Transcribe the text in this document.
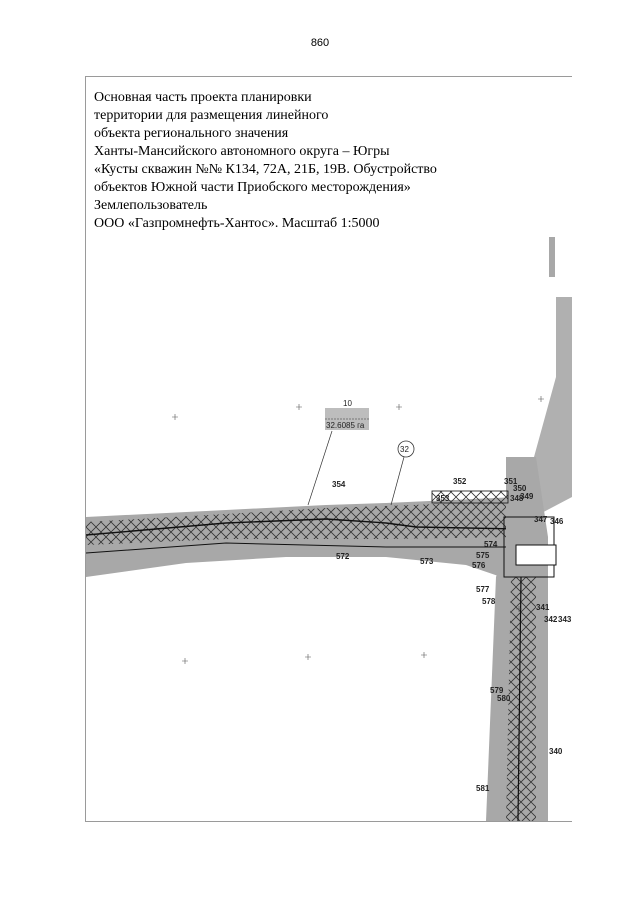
860
10
32.6085 га
32
354	352	351
350
349
353	348
347 346
574
575
576
572
573
577
578
341
342 343
579
580
340
581
Основная часть проекта планировки
территории для размещения линейного
объекта регионального значения
Ханты-Мансийского автономного округа – Югры
«Кусты скважин №№ К134, 72А, 21Б, 19В. Обустройство
объектов Южной части Приобского месторождения»
Землепользователь
ООО «Газпромнефть-Хантос». Масштаб 1:5000
